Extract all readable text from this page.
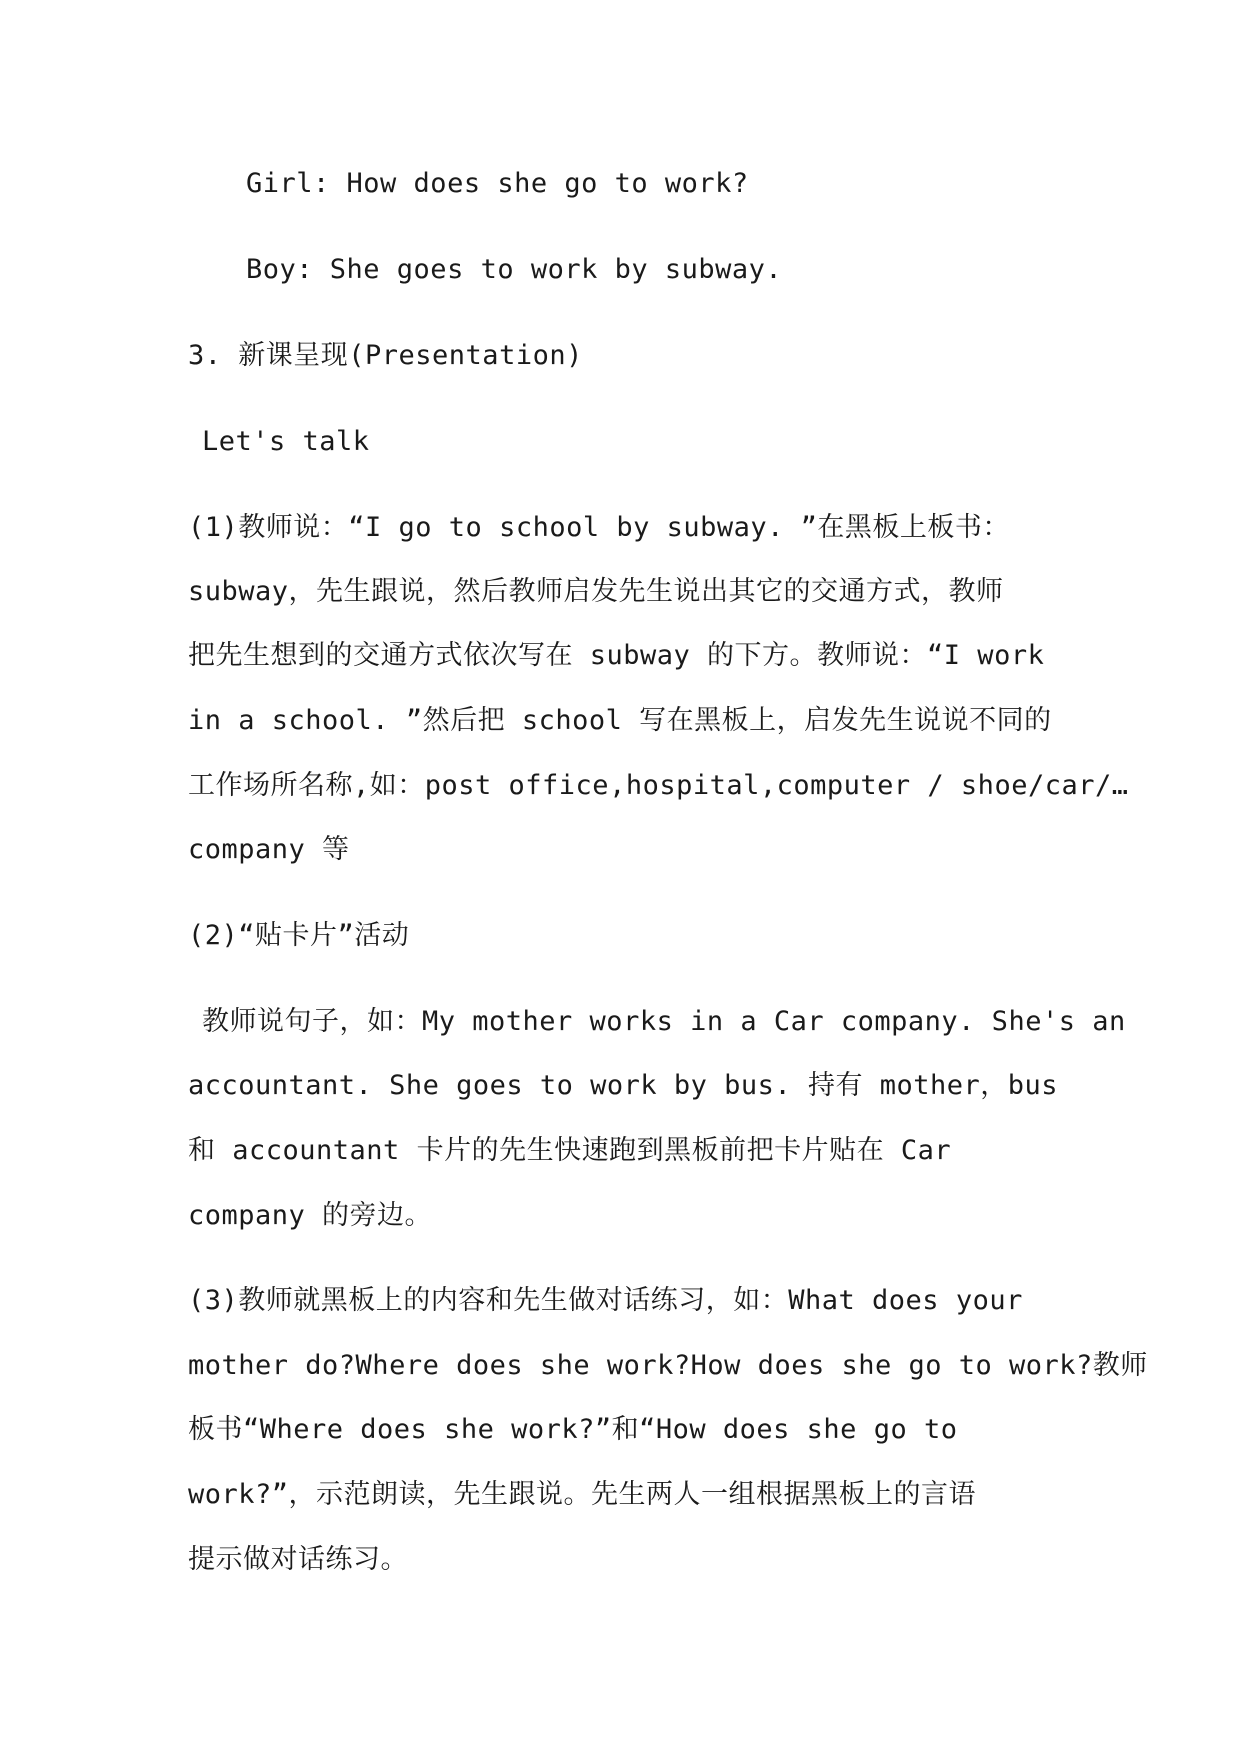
Girl: How does she go to work?
Boy: She goes to work by subway.
3. 新课呈现(Presentation)
Let's talk
(1)教师说：“I go to school by subway. ”在黑板上板书：
subway，先生跟说，然后教师启发先生说出其它的交通方式，教师
把先生想到的交通方式依次写在 subway 的下方。教师说：“I work
in a school. ”然后把 school 写在黑板上，启发先生说说不同的
工作场所名称,如：post office,hospital,computer / shoe/car/…
company 等
(2)“贴卡片”活动
教师说句子，如：My mother works in a Car company. She's an
accountant. She goes to work by bus. 持有 mother，bus
和 accountant 卡片的先生快速跑到黑板前把卡片贴在 Car
company 的旁边。
(3)教师就黑板上的内容和先生做对话练习，如：What does your
mother do?Where does she work?How does she go to work?教师
板书“Where does she work?”和“How does she go to
work?”，示范朗读，先生跟说。先生两人一组根据黑板上的言语
提示做对话练习。
